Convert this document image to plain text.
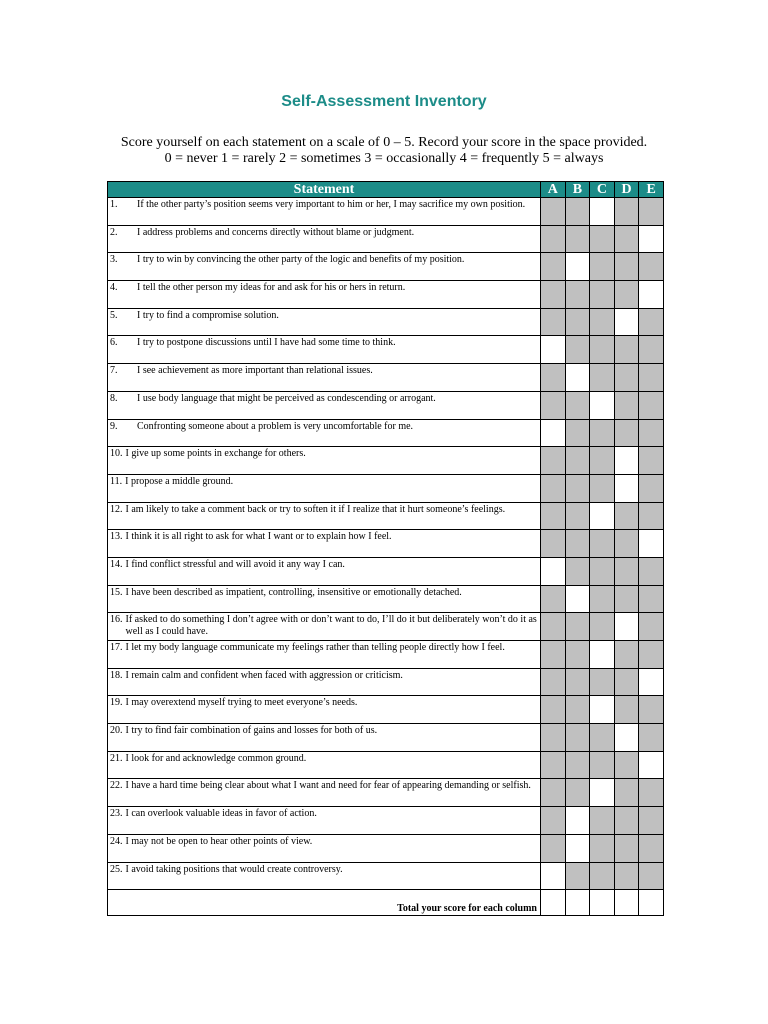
Self-Assessment Inventory
Score yourself on each statement on a scale of 0 – 5. Record your score in the space provided.
0 = never 1 = rarely 2 = sometimes 3 = occasionally 4 = frequently 5 = always
Statement	A	B	C	D	E

1. If the other party’s position seems very important to him or her, I may sacrifice my own position.					

2. I address problems and concerns directly without blame or judgment.					

3. I try to win by convincing the other party of the logic and benefits of my position.					

4. I tell the other person my ideas for and ask for his or hers in return.					

5. I try to find a compromise solution.					

6. I try to postpone discussions until I have had some time to think.					

7. I see achievement as more important than relational issues.					

8. I use body language that might be perceived as condescending or arrogant.					

9. Confronting someone about a problem is very uncomfortable for me.					

10. I give up some points in exchange for others.					

11. I propose a middle ground.					

12. I am likely to take a comment back or try to soften it if I realize that it hurt someone’s feelings.					

13. I think it is all right to ask for what I want or to explain how I feel.					

14. I find conflict stressful and will avoid it any way I can.					

15. I have been described as impatient, controlling, insensitive or emotionally detached.					

16. If asked to do something I don’t agree with or don’t want to do, I’ll do it but deliberately won’t do it as well as I could have.					

17. I let my body language communicate my feelings rather than telling people directly how I feel.					

18. I remain calm and confident when faced with aggression or criticism.					

19. I may overextend myself trying to meet everyone’s needs.					

20. I try to find fair combination of gains and losses for both of us.					

21. I look for and acknowledge common ground.					

22. I have a hard time being clear about what I want and need for fear of appearing demanding or selfish.					

23. I can overlook valuable ideas in favor of action.					

24. I may not be open to hear other points of view.					

25. I avoid taking positions that would create controversy.					

Total your score for each column					
